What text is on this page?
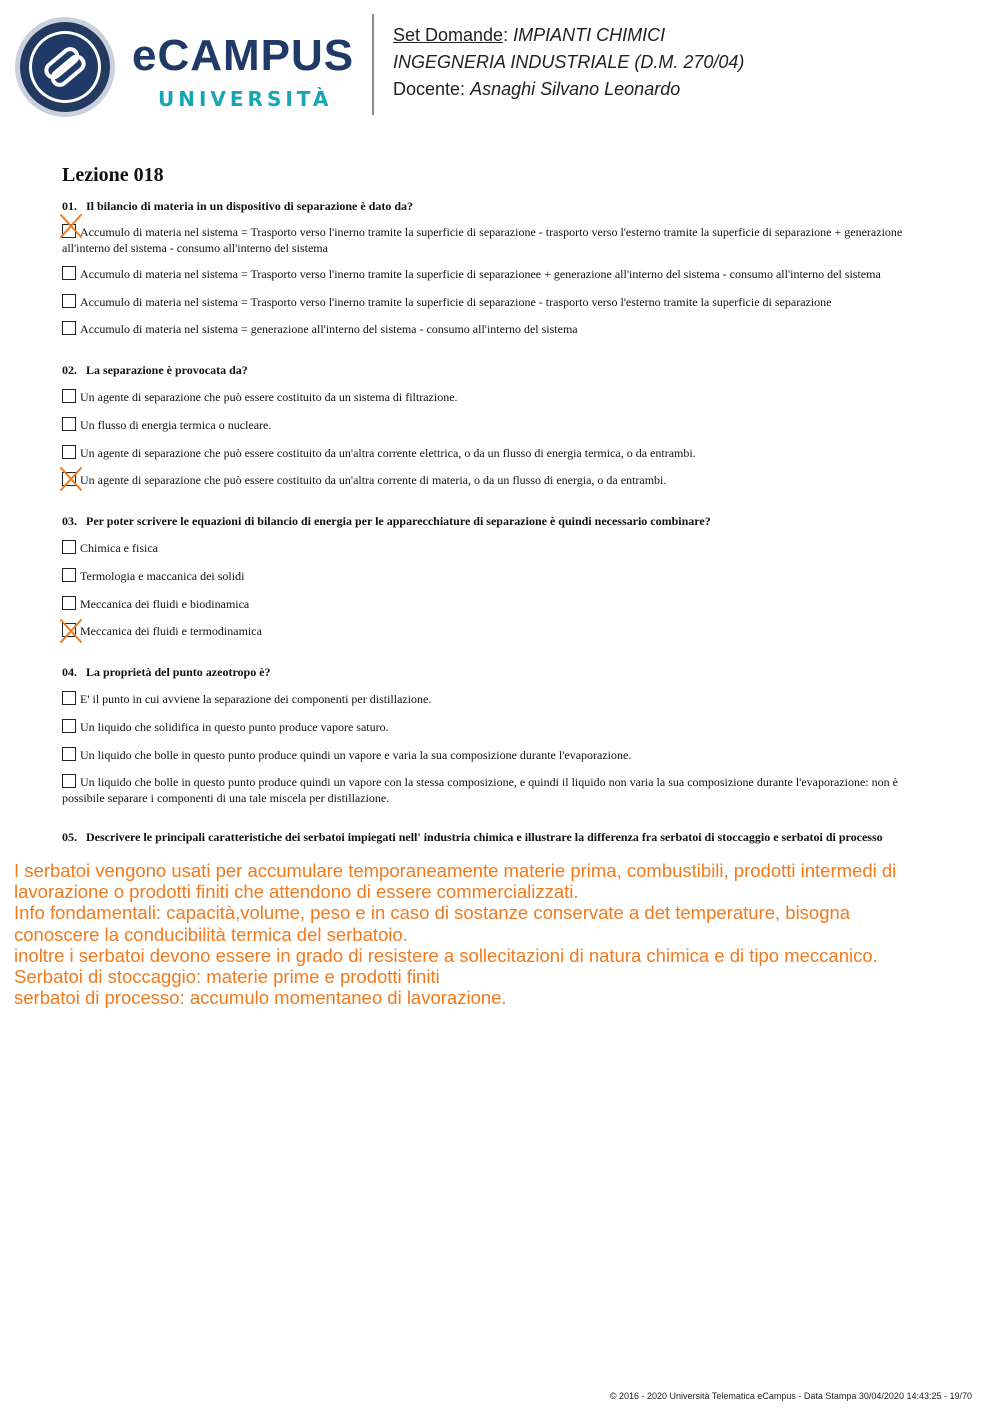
eCAMPUS
UNIVERSITÀ
Set Domande: IMPIANTI CHIMICI
INGEGNERIA INDUSTRIALE (D.M. 270/04)
Docente: Asnaghi Silvano Leonardo
Lezione 018
01. Il bilancio di materia in un dispositivo di separazione è dato da?
Accumulo di materia nel sistema = Trasporto verso l'inerno tramite la superficie di separazione - trasporto verso l'esterno tramite la superficie di separazione + generazione all'interno del sistema - consumo all'interno del sistema
Accumulo di materia nel sistema = Trasporto verso l'inerno tramite la superficie di separazionee + generazione all'interno del sistema - consumo all'interno del sistema
Accumulo di materia nel sistema = Trasporto verso l'inerno tramite la superficie di separazione - trasporto verso l'esterno tramite la superficie di separazione
Accumulo di materia nel sistema = generazione all'interno del sistema - consumo all'interno del sistema
02. La separazione è provocata da?
Un agente di separazione che può essere costituito da un sistema di filtrazione.
Un flusso di energia termica o nucleare.
Un agente di separazione che può essere costituito da un'altra corrente elettrica, o da un flusso di energia termica, o da entrambi.
Un agente di separazione che può essere costituito da un'altra corrente di materia, o da un flusso di energia, o da entrambi.
03. Per poter scrivere le equazioni di bilancio di energia per le apparecchiature di separazione è quindi necessario combinare?
Chimica e fisica
Termologia e maccanica dei solidi
Meccanica dei fluidi e biodinamica
Meccanica dei fluidi e termodinamica
04. La proprietà del punto azeotropo è?
E' il punto in cui avviene la separazione dei componenti per distillazione.
Un liquido che solidifica in questo punto produce vapore saturo.
Un liquido che bolle in questo punto produce quindi un vapore e varia la sua composizione durante l'evaporazione.
Un liquido che bolle in questo punto produce quindi un vapore con la stessa composizione, e quindi il liquido non varia la sua composizione durante l'evaporazione: non è possibile separare i componenti di una tale miscela per distillazione.
05. Descrivere le principali caratteristiche dei serbatoi impiegati nell' industria chimica e illustrare la differenza fra serbatoi di stoccaggio e serbatoi di processo
I serbatoi vengono usati per accumulare temporaneamente materie prima, combustibili, prodotti intermedi di
lavorazione o prodotti finiti che attendono di essere commercializzati.
Info fondamentali: capacità,volume, peso e in caso di sostanze conservate a det temperature, bisogna
conoscere la conducibilità termica del serbatoio.
inoltre i serbatoi devono essere in grado di resistere a sollecitazioni di natura chimica e di tipo meccanico.
Serbatoi di stoccaggio: materie prime e prodotti finiti
serbatoi di processo: accumulo momentaneo di lavorazione.
© 2016 - 2020 Università Telematica eCampus - Data Stampa 30/04/2020 14:43:25 - 19/70
